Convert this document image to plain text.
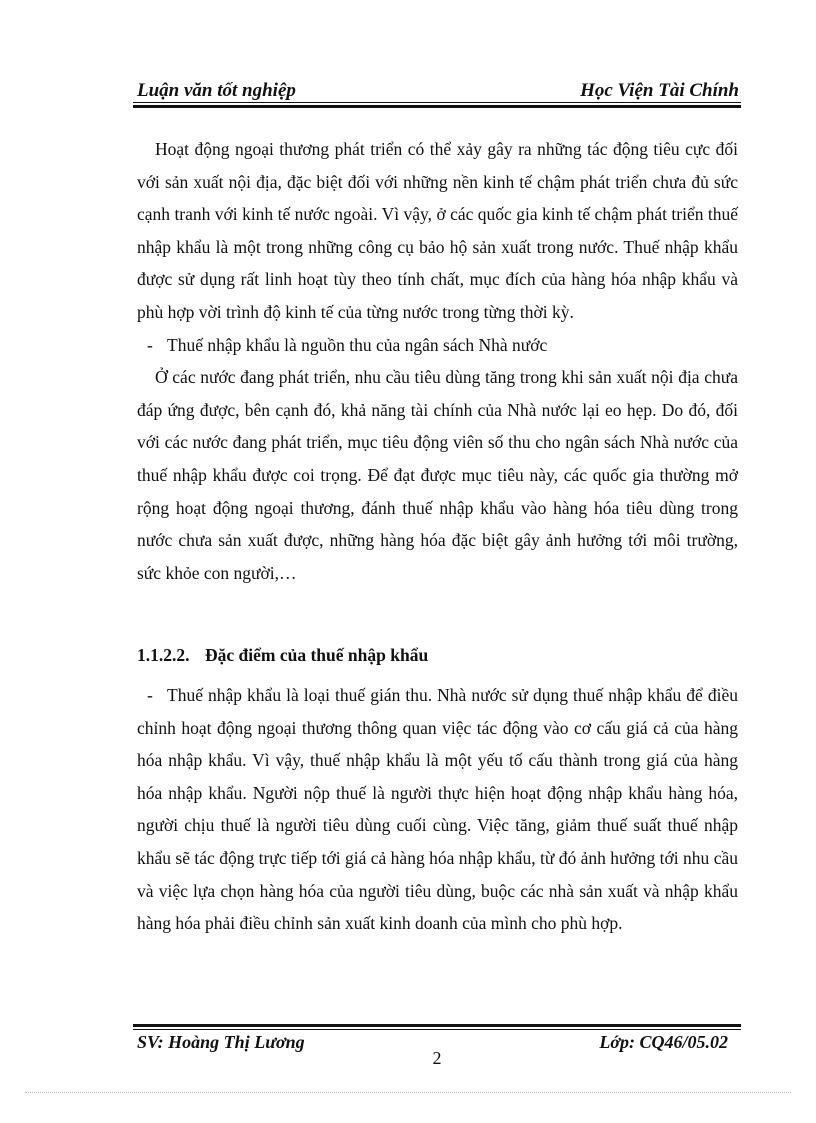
Luận văn tốt nghiệp	Học Viện Tài Chính

Hoạt động ngoại thương phát triển có thể xảy gây ra những tác động tiêu cực đối với sản xuất nội địa, đặc biệt đối với những nền kinh tế chậm phát triển chưa đủ sức cạnh tranh với kinh tế nước ngoài. Vì vậy, ở các quốc gia kinh tế chậm phát triển thuế nhập khẩu là một trong những công cụ bảo hộ sản xuất trong nước. Thuế nhập khẩu được sử dụng rất linh hoạt tùy theo tính chất, mục đích của hàng hóa nhập khẩu và phù hợp vời trình độ kinh tế của từng nước trong từng thời kỳ.

- Thuế nhập khẩu là nguồn thu của ngân sách Nhà nước

Ở các nước đang phát triển, nhu cầu tiêu dùng tăng trong khi sản xuất nội địa chưa đáp ứng được, bên cạnh đó, khả năng tài chính của Nhà nước lại eo hẹp. Do đó, đối với các nước đang phát triển, mục tiêu động viên số thu cho ngân sách Nhà nước của thuế nhập khẩu được coi trọng. Để đạt được mục tiêu này, các quốc gia thường mở rộng hoạt động ngoại thương, đánh thuế nhập khẩu vào hàng hóa tiêu dùng trong nước chưa sản xuất được, những hàng hóa đặc biệt gây ảnh hưởng tới môi trường, sức khỏe con người,…

1.1.2.2. Đặc điểm của thuế nhập khẩu

- Thuế nhập khẩu là loại thuế gián thu. Nhà nước sử dụng thuế nhập khẩu để điều chỉnh hoạt động ngoại thương thông quan việc tác động vào cơ cấu giá cả của hàng hóa nhập khẩu. Vì vậy, thuế nhập khẩu là một yếu tố cấu thành trong giá của hàng hóa nhập khẩu. Người nộp thuế là người thực hiện hoạt động nhập khẩu hàng hóa, người chịu thuế là người tiêu dùng cuối cùng. Việc tăng, giảm thuế suất thuế nhập khẩu sẽ tác động trực tiếp tới giá cả hàng hóa nhập khẩu, từ đó ảnh hưởng tới nhu cầu và việc lựa chọn hàng hóa của người tiêu dùng, buộc các nhà sản xuất và nhập khẩu hàng hóa phải điều chỉnh sản xuất kinh doanh của mình cho phù hợp.

SV: Hoàng Thị Lương	Lớp: CQ46/05.02
2
